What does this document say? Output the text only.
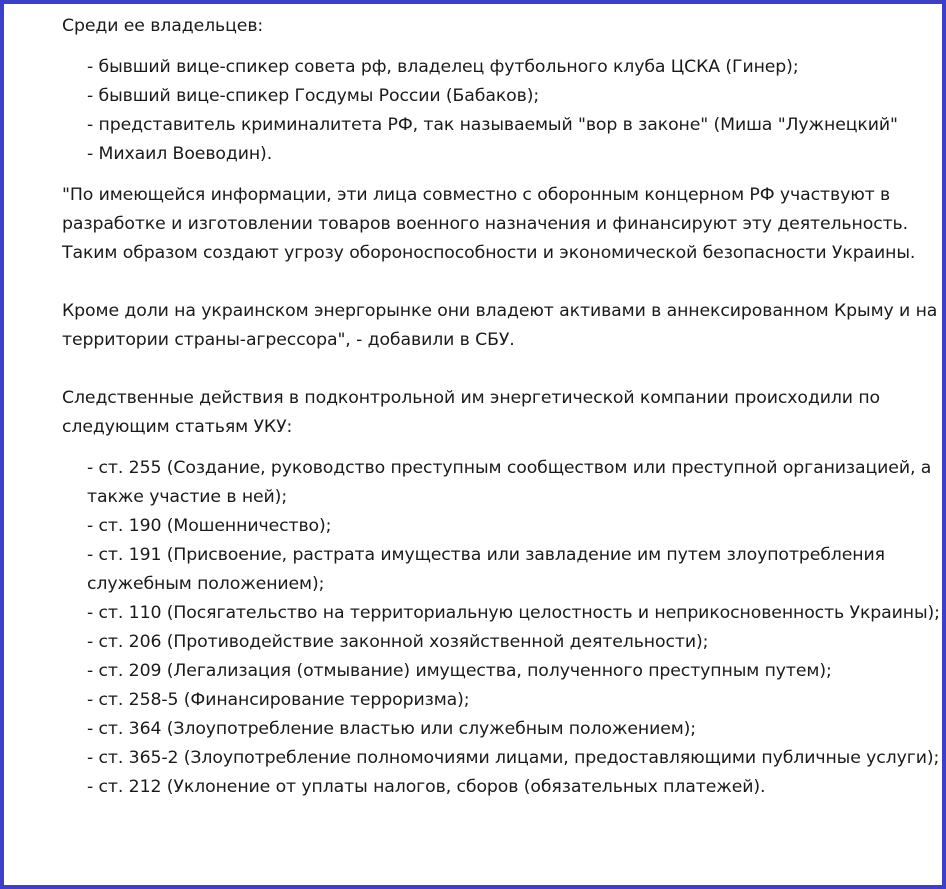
Среди ее владельцев:

- бывший вице-спикер совета рф, владелец футбольного клуба ЦСКА (Гинер);
- бывший вице-спикер Госдумы России (Бабаков);
- представитель криминалитета РФ, так называемый "вор в законе" (Миша "Лужнецкий"
- Михаил Воеводин).

"По имеющейся информации, эти лица совместно с оборонным концерном РФ участвуют в разработке и изготовлении товаров военного назначения и финансируют эту деятельность. Таким образом создают угрозу обороноспособности и экономической безопасности Украины.

Кроме доли на украинском энергорынке они владеют активами в аннексированном Крыму и на территории страны-агрессора", - добавили в СБУ.

Следственные действия в подконтрольной им энергетической компании происходили по следующим статьям УКУ:

- ст. 255 (Создание, руководство преступным сообществом или преступной организацией, а также участие в ней);
- ст. 190 (Мошенничество);
- ст. 191 (Присвоение, растрата имущества или завладение им путем злоупотребления служебным положением);
- ст. 110 (Посягательство на территориальную целостность и неприкосновенность Украины);
- ст. 206 (Противодействие законной хозяйственной деятельности);
- ст. 209 (Легализация (отмывание) имущества, полученного преступным путем);
- ст. 258-5 (Финансирование терроризма);
- ст. 364 (Злоупотребление властью или служебным положением);
- ст. 365-2 (Злоупотребление полномочиями лицами, предоставляющими публичные услуги);
- ст. 212 (Уклонение от уплаты налогов, сборов (обязательных платежей).
